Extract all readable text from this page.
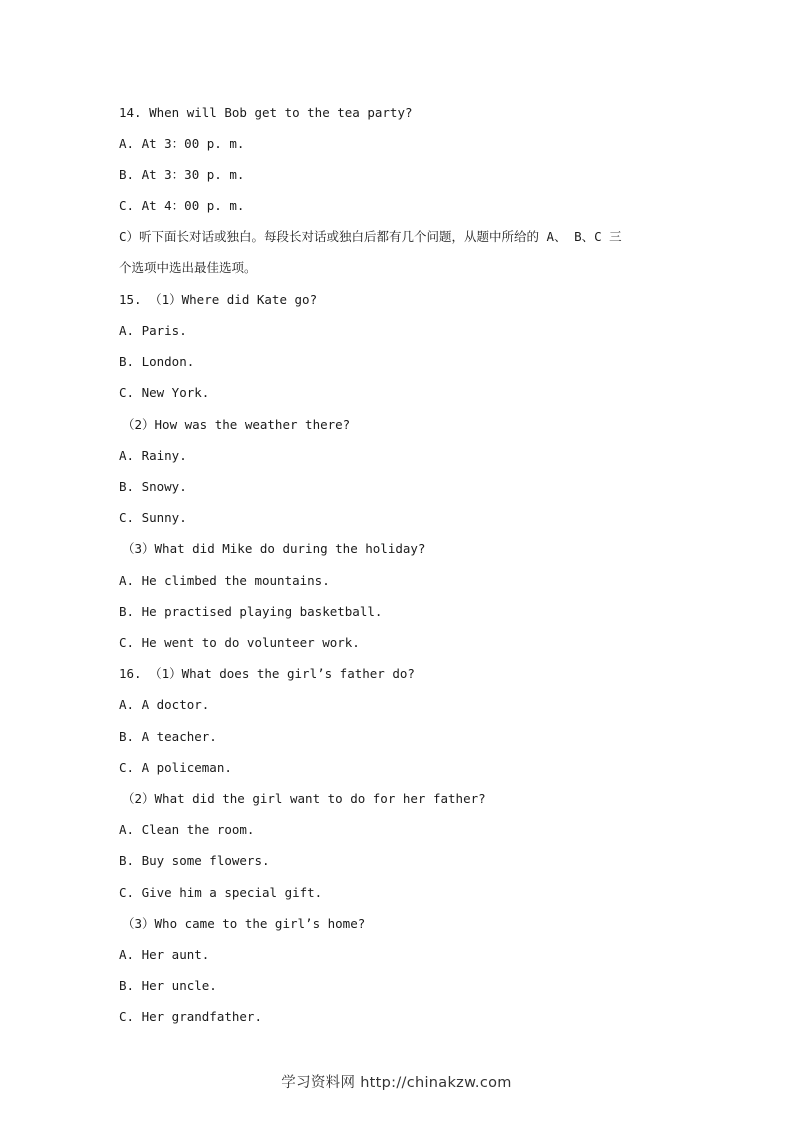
14. When will Bob get to the tea party?
A. At 3：00 p. m.
B. At 3：30 p. m.
C. At 4：00 p. m.
C）听下面长对话或独白。每段长对话或独白后都有几个问题，从题中所给的 A、 B、C 三
个选项中选出最佳选项。
15. （1）Where did Kate go?
A. Paris.
B. London.
C. New York.
（2）How was the weather there?
A. Rainy.
B. Snowy.
C. Sunny.
（3）What did Mike do during the holiday?
A. He climbed the mountains.
B. He practised playing basketball.
C. He went to do volunteer work.
16. （1）What does the girl’s father do?
A. A doctor.
B. A teacher.
C. A policeman.
（2）What did the girl want to do for her father?
A. Clean the room.
B. Buy some flowers.
C. Give him a special gift.
（3）Who came to the girl’s home?
A. Her aunt.
B. Her uncle.
C. Her grandfather.
学习资料网 http://chinakzw.com
